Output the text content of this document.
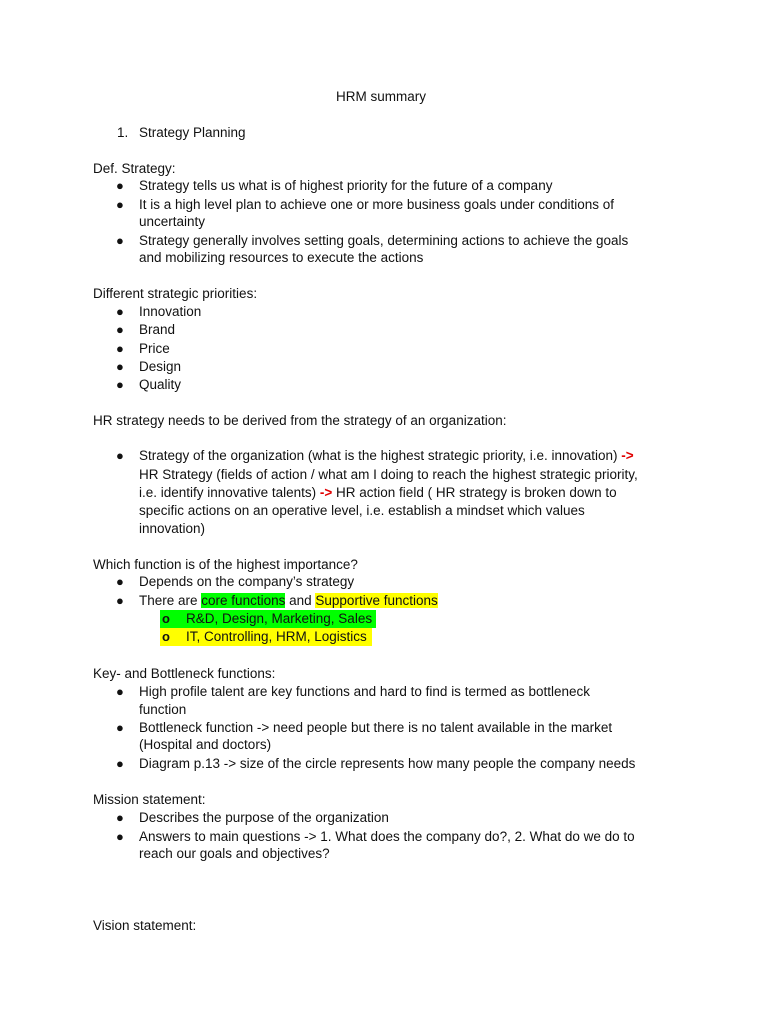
HRM summary
1. Strategy Planning
Def. Strategy:
● Strategy tells us what is of highest priority for the future of a company
● It is a high level plan to achieve one or more business goals under conditions of
uncertainty
● Strategy generally involves setting goals, determining actions to achieve the goals
and mobilizing resources to execute the actions
Different strategic priorities:
● Innovation
● Brand
● Price
● Design
● Quality
HR strategy needs to be derived from the strategy of an organization:
● Strategy of the organization (what is the highest strategic priority, i.e. innovation) ->
HR Strategy (fields of action / what am I doing to reach the highest strategic priority,
i.e. identify innovative talents) -> HR action field ( HR strategy is broken down to
specific actions on an operative level, i.e. establish a mindset which values
innovation)
Which function is of the highest importance?
● Depends on the company’s strategy
● There are core functions and Supportive functions
o R&D, Design, Marketing, Sales
o IT, Controlling, HRM, Logistics
Key- and Bottleneck functions:
● High profile talent are key functions and hard to find is termed as bottleneck
function
● Bottleneck function -> need people but there is no talent available in the market
(Hospital and doctors)
● Diagram p.13 -> size of the circle represents how many people the company needs
Mission statement:
● Describes the purpose of the organization
● Answers to main questions -> 1. What does the company do?, 2. What do we do to
reach our goals and objectives?
Vision statement:
